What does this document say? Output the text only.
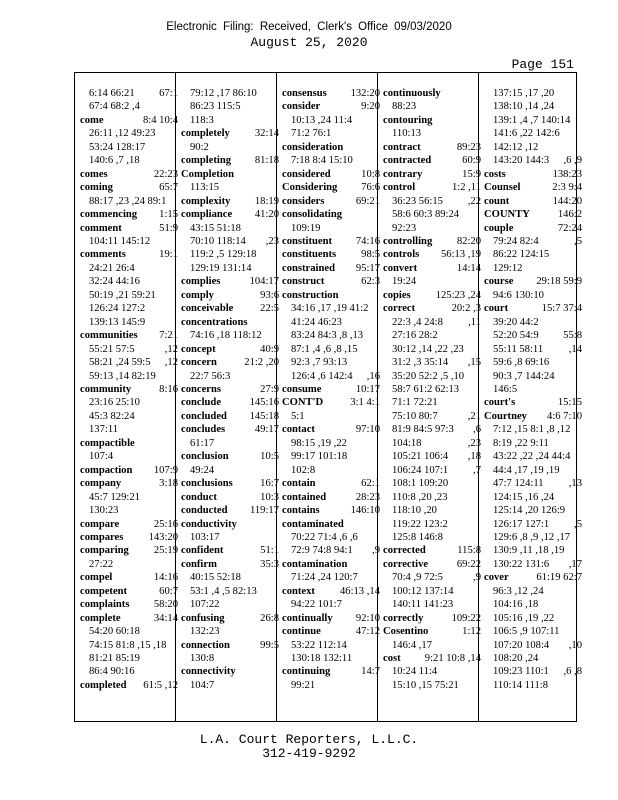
Electronic Filing: Received, Clerk's Office 09/03/2020
August 25, 2020
Page 151
6:14 66:21 67:1
67:4 68:2 ,4
come	8:4 10:4
26:11 ,12 49:23
53:24 128:17
140:6 ,7 ,18
comes	22:23
coming	65:7
88:17 ,23 ,24 89:1
commencing 1:15
comment	51:9
104:11 145:12
comments	19:1
24:21 26:4
32:24 44:16
50:19 ,21 59:21
126:24 127:2
139:13 145:9
communities 7:21
55:21 57:5	,12
58:21 ,24 59:5 ,12
59:13 ,14 82:19
community	8:16
23:16 25:10
45:3 82:24
137:11
compactible
107:4
compaction 107:9
company	3:18
45:7 129:21
130:23
compare	25:16
compares 143:20
comparing 25:19
27:22
compel	14:16
competent	60:7
complaints 58:20
complete	34:14
54:20 60:18
74:15 81:8 ,15 ,18
81:21 85:19
86:4 90:16
completed 61:5 ,12
79:12 ,17 86:10
86:23 115:5
118:3
completely 32:14
90:2
completing 81:18
Completion
113:15
complexity 18:19
compliance 41:20
43:15 51:18
70:10 118:14 ,23
119:2 ,5 129:18
129:19 131:14
complies	104:17
comply	93:6
conceivable	22:5
concentrations
74:16 ,18 118:12
concept	40:9
concern	21:2 ,20
22:7 56:3
concerns	27:9
conclude	145:16
concluded 145:18
concludes	49:17
61:17
conclusion	10:5
49:24
conclusions	16:7
conduct	10:3
conducted 119:17
conductivity
103:17
confident	51:1
confirm	35:3
40:15 52:18
53:1 ,4 ,5 82:13
107:22
confusing	26:8
132:23
connection	99:5
130:8
connectivity
104:7
consensus 132:20
consider	9:20
10:13 ,24 11:4
71:2 76:1
consideration
7:18 8:4 15:10
considered	10:8
Considering 76:6
considers	69:21
consolidating
109:19
constituent 74:16
constituents 98:5
constrained 95:17
construct	62:3
construction
34:16 ,17 ,19 41:2
41:24 46:23
83:24 84:3 ,8 ,13
87:1 ,4 ,6 ,8 ,15
92:3 ,7 93:13
126:4 ,6 142:4 ,16
consume	10:17
CONT'D	3:1 4:1
5:1
contact	97:10
98:15 ,19 ,22
99:17 101:18
102:8
contain	62:1
contained	28:23
contains	146:10
contaminated
70:22 71:4 ,6 ,6
72:9 74:8 94:1 ,9
contamination
71:24 ,24 120:7
context 46:13 ,14
94:22 101:7
continually 92:10
continue	47:12
53:22 112:14
130:18 132:11
continuing	14:7
99:21
continuously
88:23
contouring
110:13
contract	89:23
contracted	60:9
contrary	15:9
control	1:2 ,11
36:23 56:15 ,22
58:6 60:3 89:24
92:23
controlling 82:20
controls 56:13 ,19
convert	14:14
19:24
copies 125:23 ,24
correct	20:2 ,3
22:3 ,4 24:8 ,11
27:16 28:2
30:12 ,14 ,22 ,23
31:2 ,3 35:14 ,15
35:20 52:2 ,5 ,10
58:7 61:2 62:13
71:1 72:21
75:10 80:7	,21
81:9 84:5 97:3 ,6
104:18	,23
105:21 106:4 ,18
106:24 107:1 ,7
108:1 109:20
110:8 ,20 ,23
118:10 ,20
119:22 123:2
125:8 146:8
corrected	115:8
corrective	69:22
70:4 ,9 72:5	,9
100:12 137:14
140:11 141:23
correctly	109:22
Cosentino	1:12
146:4 ,17
cost 9:21 10:8 ,14
10:24 11:4
15:10 ,15 75:21
137:15 ,17 ,20
138:10 ,14 ,24
139:1 ,4 ,7 140:14
141:6 ,22 142:6
142:12 ,12
143:20 144:3 ,6 ,9
costs	138:23
Counsel	2:3 9:4
count	144:20
COUNTY	146:2
couple	72:24
79:24 82:4	,5
86:22 124:15
129:12
course 29:18 59:9
94:6 130:10
court	15:7 37:4
39:20 44:2
52:20 54:9 55:8
55:11 58:11 ,14
59:6 ,8 69:16
90:3 ,7 144:24
146:5
court's	15:15
Courtney 4:6 7:10
7:12 ,15 8:1 ,8 ,12
8:19 ,22 9:11
43:22 ,22 ,24 44:4
44:4 ,17 ,19 ,19
47:7 124:11 ,13
124:15 ,16 ,24
125:14 ,20 126:9
126:17 127:1 ,5
129:6 ,8 ,9 ,12 ,17
130:9 ,11 ,18 ,19
130:22 131:6 ,17
cover	61:19 62:7
96:3 ,12 ,24
104:16 ,18
105:16 ,19 ,22
106:5 ,9 107:11
107:20 108:4 ,10
108:20 ,24
109:23 110:1 ,6 ,8
110:14 111:8
L.A. Court Reporters, L.L.C.
312-419-9292
